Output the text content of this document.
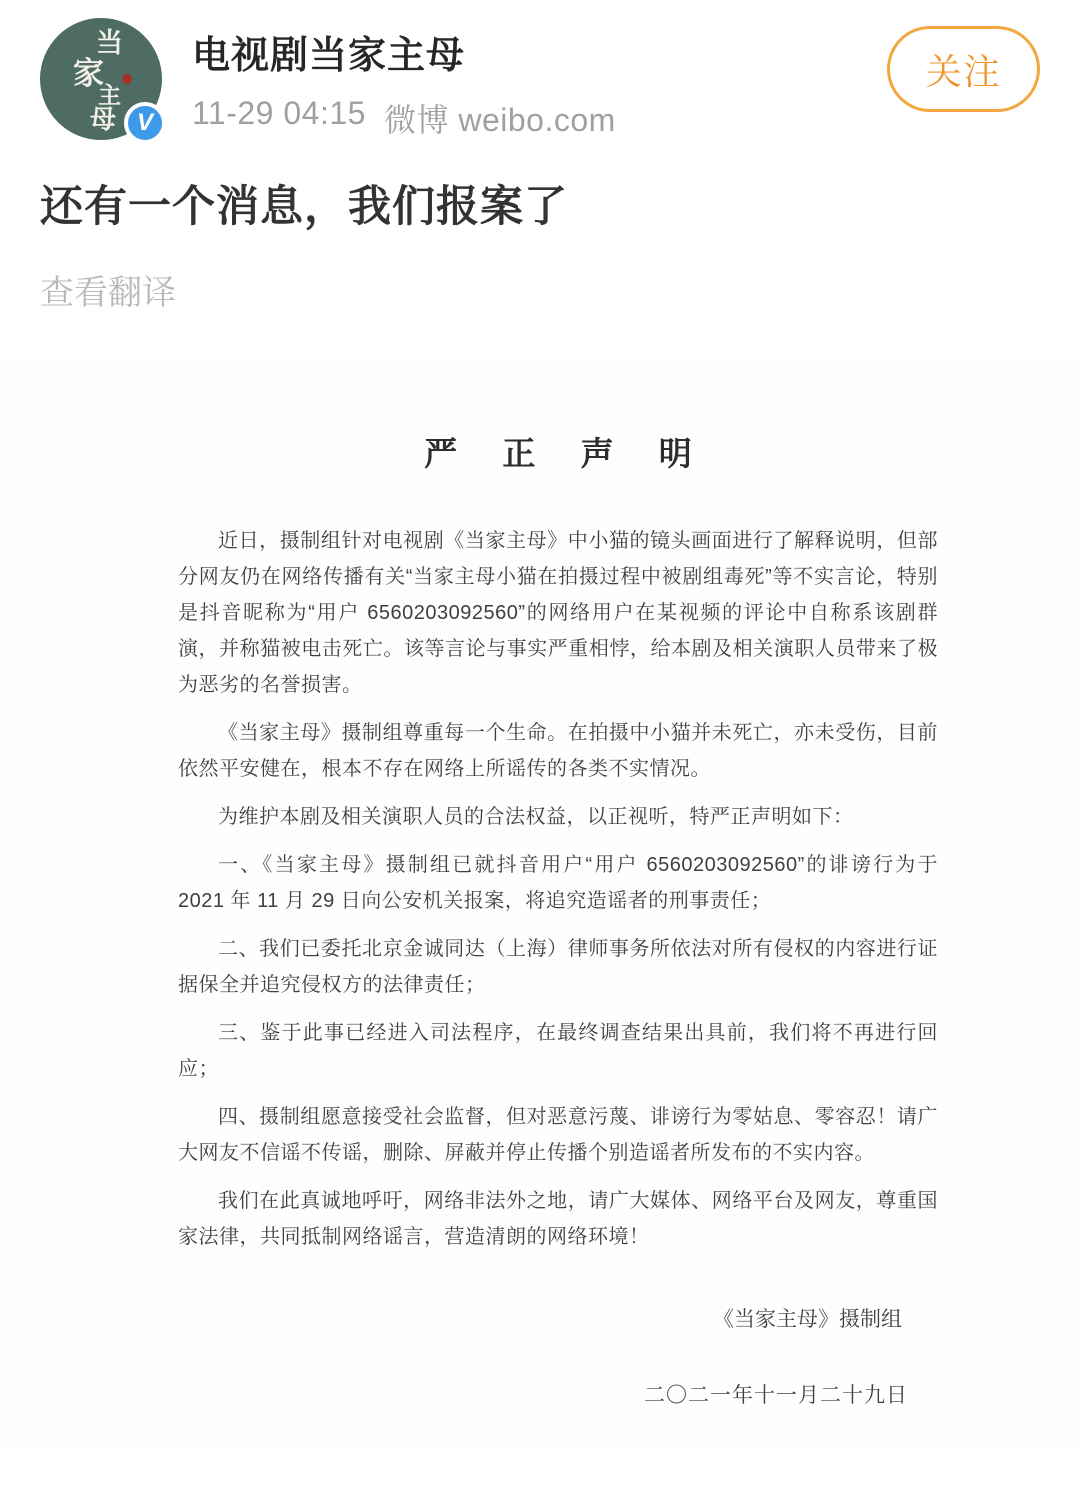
当
家
主
母 V
电视剧当家主母
11-29 04:15 微博 weibo.com
关注
还有一个消息，我们报案了
查看翻译
严 正 声 明

近日，摄制组针对电视剧《当家主母》中小猫的镜头画面进行了解释说明，但部分网友仍在网络传播有关“当家主母小猫在拍摄过程中被剧组毒死”等不实言论，特别是抖音昵称为“用户 6560203092560”的网络用户在某视频的评论中自称系该剧群演，并称猫被电击死亡。该等言论与事实严重相悖，给本剧及相关演职人员带来了极为恶劣的名誉损害。

《当家主母》摄制组尊重每一个生命。在拍摄中小猫并未死亡，亦未受伤，目前依然平安健在，根本不存在网络上所谣传的各类不实情况。

为维护本剧及相关演职人员的合法权益，以正视听，特严正声明如下：

一、《当家主母》摄制组已就抖音用户“用户 6560203092560”的诽谤行为于 2021 年 11 月 29 日向公安机关报案，将追究造谣者的刑事责任；

二、我们已委托北京金诚同达（上海）律师事务所依法对所有侵权的内容进行证据保全并追究侵权方的法律责任；

三、鉴于此事已经进入司法程序，在最终调查结果出具前，我们将不再进行回应；

四、摄制组愿意接受社会监督，但对恶意污蔑、诽谤行为零姑息、零容忍！请广大网友不信谣不传谣，删除、屏蔽并停止传播个别造谣者所发布的不实内容。

我们在此真诚地呼吁，网络非法外之地，请广大媒体、网络平台及网友，尊重国家法律，共同抵制网络谣言，营造清朗的网络环境！

《当家主母》摄制组
二〇二一年十一月二十九日
